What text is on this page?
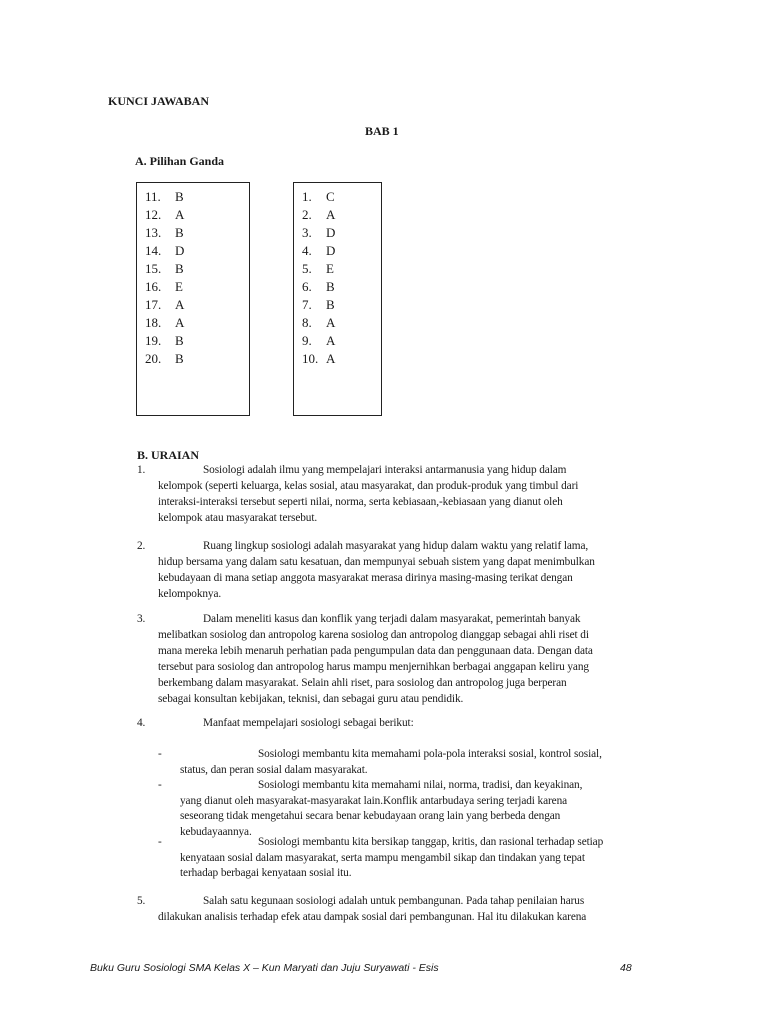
KUNCI JAWABAN
BAB 1
A. Pilihan Ganda
11. B
12. A
13. B
14. D
15. B
16. E
17. A
18. A
19. B
20. B
1. C
2. A
3. D
4. D
5. E
6. B
7. B
8. A
9. A
10. A
B. URAIAN
1.	Sosiologi adalah ilmu yang mempelajari interaksi antarmanusia yang hidup dalam
kelompok (seperti keluarga, kelas sosial, atau masyarakat, dan produk-produk yang timbul dari
interaksi-interaksi tersebut seperti nilai, norma, serta kebiasaan,-kebiasaan yang dianut oleh
kelompok atau masyarakat tersebut.
2.	Ruang lingkup sosiologi adalah masyarakat yang hidup dalam waktu yang relatif lama,
hidup bersama yang dalam satu kesatuan, dan mempunyai sebuah sistem yang dapat menimbulkan
kebudayaan di mana setiap anggota masyarakat merasa dirinya masing-masing terikat dengan
kelompoknya.
3.	Dalam meneliti kasus dan konflik yang terjadi dalam masyarakat, pemerintah banyak
melibatkan sosiolog dan antropolog karena sosiolog dan antropolog dianggap sebagai ahli riset di
mana mereka lebih menaruh perhatian pada pengumpulan data dan penggunaan data. Dengan data
tersebut para sosiolog dan antropolog harus mampu menjernihkan berbagai anggapan keliru yang
berkembang dalam masyarakat. Selain ahli riset, para sosiolog dan antropolog juga berperan
sebagai konsultan kebijakan, teknisi, dan sebagai guru atau pendidik.
4.	Manfaat mempelajari sosiologi sebagai berikut:
5.	Salah satu kegunaan sosiologi adalah untuk pembangunan. Pada tahap penilaian harus
dilakukan analisis terhadap efek atau dampak sosial dari pembangunan. Hal itu dilakukan karena
-	Sosiologi membantu kita memahami pola-pola interaksi sosial, kontrol sosial,
status, dan peran sosial dalam masyarakat.
-	Sosiologi membantu kita memahami nilai, norma, tradisi, dan keyakinan,
yang dianut oleh masyarakat-masyarakat lain.Konflik antarbudaya sering terjadi karena
seseorang tidak mengetahui secara benar kebudayaan orang lain yang berbeda dengan
kebudayaannya.
-	Sosiologi membantu kita bersikap tanggap, kritis, dan rasional terhadap setiap
kenyataan sosial dalam masyarakat, serta mampu mengambil sikap dan tindakan yang tepat
terhadap berbagai kenyataan sosial itu.
Buku Guru Sosiologi SMA Kelas X – Kun Maryati dan Juju Suryawati - Esis	48
